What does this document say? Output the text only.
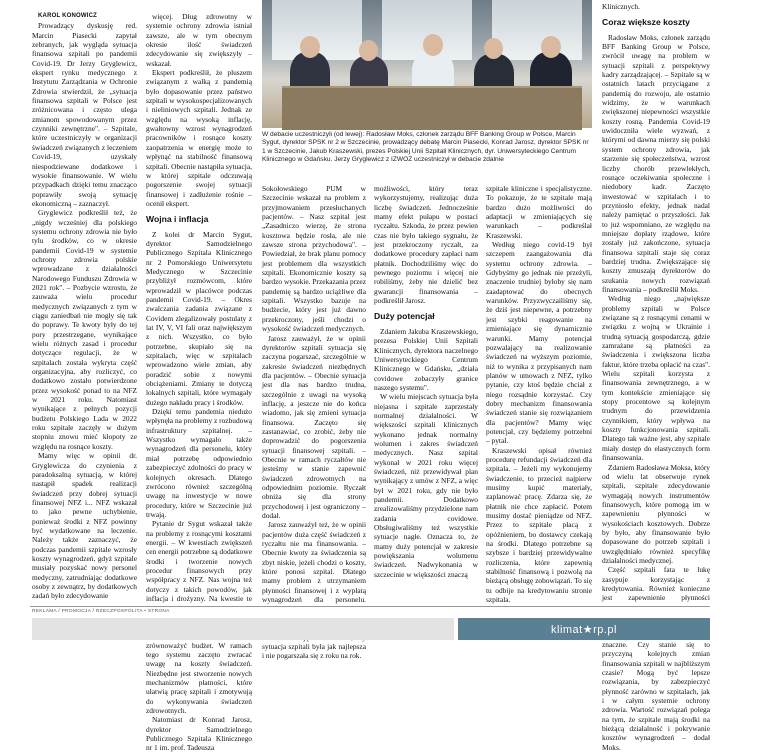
KAROL KONOWICZ

Prowadzący dyskusję red. Marcin Piasecki zapytał zebranych, jak wygląda sytuacja finansowa szpitali po pandemii Covid-19. Dr Jerzy Gryglewicz, ekspert rynku medycznego z Instytutu Zarządzania w Ochronie Zdrowia stwierdził, że „sytuacja finansowa szpitali w Polsce jest zróżnicowana i często ulega zmianom spowodowanym przez czynniki zewnętrzne". – Szpitale, które uczestniczyły w organizacji świadczeń związanych z leczeniem Covid-19, uzyskały niespodziewane dodatkowe i wysokie finansowanie. W wielu przypadkach dzięki temu znacząco poprawiły swoją sytuację ekonomiczną – zaznaczył.

Gryglewicz podkreślił też, że „nigdy wcześniej dla polskiego systemu ochrony zdrowia nie było tylu środków, co w okresie pandemii Covid-19 w systemie ochrony zdrowia polskie wprowadzane z działalności Narodowego Funduszu Zdrowia w 2021 rok". – Pozbycie wzrostu, że zauważa wielu procedur medycznych związanych z tym w ciągu zaniedbań nie mogły się tak do poprawy. Te kwoty były do tej pory przestrzegane, wynikające wielu różnych zasad i procedur dotyczące regulacji, że w szpitalach została wykryta część organizacyjna, aby rozliczyć, co dodatkowo zostało potwierdzone przez wysokość ponad to na NFZ w 2021 roku. Natomiast wynikające z pełnych pozycji budżetu Polskiego Lada w 2022 roku szpitale zaczęły w dużym stopniu znowu mieć kłopoty ze względu na rosnące koszty.

Mamy więc w opinii dr. Gryglewicza do czynienia z paradoksalną sytuacją, w której nastąpił spadek realizacji świadczeń przy dobrej sytuacji finansowej NFZ i... NFZ wskazał to jako pewne uchybienie, ponieważ środki z NFZ powinny być wydatkowane na leczenie. Należy także zaznaczyć, że podczas pandemii szpitale wzrosły koszty wynagrodzeń, gdyż szpitale musiały pozyskać nowy personel medyczny, zatrudniając dodatkowe osoby z zewnątrz, by dodatkowych zadań było zdecydowanie

więcej. Dług zdrowotny w systemie ochrony zdrowia istniał zawsze, ale w tym obecnym okresie ilość świadczeń zdecydowanie się zwiększyły – wskazał.

Ekspert podkreślił, że pluszem związanym z walką z pandemią było dopasowanie przez państwo szpitali w wysokospecjalizowanych i nieliniowych szpitali. Jednak ze względu na wysoką inflację, gwałtowny wzrost wynagrodzeń pracowników i rosnące koszty zaopatrzenia w energię może to wpłynąć na stabilność finansową szpitali. Obecnie nastąpiła sytuacja, w której szpitale odczuwają pogorszenie swojej sytuacji finansowej i zadłużenie rośnie – ocenił ekspert.

Wojna i inflacja

Z kolei dr Marcin Sygut, dyrektor Samodzielnego Publicznego Szpitala Klinicznego nr 2 Pomorskiego Uniwersytetu Medycznego w Szczecinie przybliżył rozmówcom, które wprowadził w placówce podczas pandemii Covid-19. – Okres zwalczania zadania związane z Covidem zlegalizowały postulaty z lat IV, V, VI fali oraz największym z nich. Wszystko, co było potrzebne, skupiało się na szpitalach, więc w szpitalach wprowadzono wiele zmian, aby poradzić sobie z nowymi obciążeniami. Zmiany te dotyczą lokalnych szpitali, które wymagały dużego nakładu pracy i środków.

Dzięki temu pandemia niedużo wpłynęła na problemy z rozbudową infrastruktury szpitalnej. – Wszystko wymagało także wynagrodzeń dla personelu, który miał potrzebę odpowiednio zabezpieczyć zdolności do pracy w kolejnych okresach. Dlatego zwrócono również szczególną uwagę na inwestycje w nowe procedury, które w Szczecinie już trwają.

Pytanie dr Sygut wskazał także na problemy z rosnącymi kosztami energii. – W kwestiach zwiększeń cen energii potrzebne są dodatkowe środki i tworzenie nowych procedur finansowych przy współpracy z NFZ. Nas wojna też dotyczy z takich powodów, jak inflacja i drożyzny. Na kwestie te zrównoważyć budżet. W ramach tego systemu zaczęto zwracać uwagę na koszty świadczeń. Niezbędne jest stworzenie nowych mechanizmów płatności, które ułatwią pracę szpitali i zmotywują do wykonywania świadczeń zdrowotnych.

Natomiast dr Konrad Jarosz, dyrektor Samodzielnego Publicznego Szpitala Klinicznego nr 1 im. prof. Tadeusza

W debacie uczestniczyli (od lewej): Radosław Moks, członek zarządu BFF Banking Group w Polsce, Marcin Sygut, dyrektor SPSK nr 2 w Szczecinie, prowadzący debatę Marcin Piasecki, Konrad Jarosz, dyrektor SPSK nr 1 w Szczecinie, Jakub Kraszewski, prezes Polskiej Unii Szpitali Klinicznych, dyr. Uniwersyteckiego Centrum Klinicznego w Gdańsku. Jerzy Gryglewicz z IZWOZ uczestniczył w debacie zdalnie

Sokołowskiego PUM w Szczecinie wskazał na problem z przyjmowaniem przesłuchanych pacjentów. – Nasz szpital jest „Zasadniczo wierzę, że strona kosztowa będzie rosła, ale nie zawsze strona przychodowa". – Powiedział, że brak planu pomocy jest problemem dla wszystkich szpitali. Ekonomicznie koszty są bardzo wysokie. Przekazania przez pandemię są bardzo uciążliwe dla szpitali. Wszystko bazuje na budżecie, który jest już dawno przekroczony, jeśli chodzi o wysokość świadczeń medycznych.

Jarosz zauważył, że w opinii dyrektorów szpitali sytuacja się zaczyna pogarszać, szczególnie w zakresie świadczeń niezbędnych dla pacjentów. – Obecnie sytuacja jest dla nas bardzo trudna, szczególnie z uwagi na wysoką inflację, a jeszcze nie do końca wiadomo, jak się zmieni sytuacja finansowa. Zaczęto się zastanawiać, co zrobić, żeby nie doprowadzić do pogorszenia sytuacji finansowej szpitali. – Obecnie w ramach ryczałtów nie jesteśmy w stanie zapewnić świadczeń zdrowotnych na odpowiednim poziomie. Ryczałt obniża się dla strony przychodowej i jest ograniczony – dodał.

Jarosz zauważył też, że w opinii pacjentów duża część świadczeń z ryczałtu nie ma finansowania. – Obecnie kwoty za świadczenia są zbyt niskie, jeżeli chodzi o koszty, które ponosi szpital. Dlatego mamy problem z utrzymaniem płynności finansowej i z wypłatą wynagrodzeń dla personelu. sytuacja szpitali była jak najlepsza i nie pogarszała się z roku na rok.

możliwości, który teraz wykorzystujemy, realizując duża liczbę świadczeń. Jednocześnie mamy efekt pułapu w postaci ryczałtu. Szkoda, że przez pewien czas nie było takiego sygnału, że jest przekroczony ryczałt, za dodatkowe procedury zapłaci nam płatnik. Dochodziliśmy więc do pewnego poziomu i więcej nie robiliśmy, żeby nie dzielić bez gwarancji finansowania – podkreślił Jarosz.

Duży potencjał

Zdaniem Jakuba Kraszewskiego, prezesa Polskiej Unii Szpitali Klinicznych, dyrektora naczelnego Uniwersyteckiego Centrum Klinicznego w Gdańsku, „działa covidowe zobaczyły granice naszego systemu".

W wielu miejscach sytuacja była niejasna i szpitale zaprzestały normalnej działalności. W większości szpitali klinicznych wykonano jednak normalny wolumen i zakres świadczeń medycznych. Nasz szpital wykonał w 2021 roku więcej świadczeń, niż przewidywał plan wynikający z umów z NFZ, a więc był w 2021 roku, gdy nie było pandemii. Dodatkowo zrealizowaliśmy przydzielone nam zadania covidowe. Obsługiwaliśmy też wszystkie sytuacje nagłe. Oznacza to, że mamy duży potencjał w zakresie powiększania wolumenu świadczeń. Nadwykonania w szczecinie w większości znaczą

szpitale kliniczne i specjalistyczne. To pokazuje, że te szpitale mają bardzo dużo możliwości do adaptacji w zmieniających się warunkach – podkreślał Kraszewski.

Według niego covid-19 był szczepem zaangażowania dla systemu ochrony zdrowia. – Gdybyśmy go jednak nie przeżyli, znaczenie trudniej byłoby się nam zaadaptować do obecnych warunków. Przyzwyczailiśmy się, że dziś jest niepewne, a potrzebny jest szybki reagowanie na zmieniające się dynamicznie warunki. Mamy potencjał pozwalający na realizowanie świadczeń na wyższym poziomie, niż to wynika z przypisanych nam planów w umowach z NFZ, tylko pytanie, czy ktoś będzie chciał z niego rozsądnie korzystać. Czy dobry mechanizm finansowania świadczeń stanie się rozwiązaniem dla pacjentów? Mamy więc potencjał, czy będziemy potrzebni – pytał.

Kraszewski opisał również procedurę refundacji świadczeń dla szpitala. – Jeżeli my wykonujemy świadczenie, to przecież najpierw musimy kupić materiały, zaplanować pracę. Zdarza się, że płatnik nie chce zapłacić. Potem musimy dostać pieniądze od NFZ. Przez to szpitale płacą z opóźnieniem, bo dostawcy czekają na środki. Dlatego potrzebne są szybsze i bardziej przewidywalne rozliczenia, które zapewnią stabilność finansową i pozwolą na bieżącą obsługę zobowiązań. To się tu odbije na kredytowaniu stronie szpitala.

Klinicznych.

Coraz większe koszty

Radosław Moks, członek zarządu BFF Banking Group w Polsce, zwrócił uwagę na problem w sytuacji szpitali z perspektywy kadry zarządzającej. – Szpitale są w ostatnich latach przyciągane z pandemią do rozwoju, ale ostatnio widzimy, że w warunkach zwiększonej niepewności wszystkie koszty rosną. Pandemia Covid-19 uwidoczniła wiele wyzwań, z którymi od dawna mierzy się polski system ochrony zdrowia, jak starzenie się społeczeństwa, wzrost liczby chorób przewlekłych, rosnące oczekiwania społeczne i niedobory kadr. Zaczęto inwestować w szpitalach i to przyniosło efekty, jednak nadal należy pamiętać o przyszłości. Jak to już wspomniano, ze względu na mniejsze dopłaty rządowe, które zostały już zakończone, sytuacja finansowa szpitali staje się coraz bardziej trudna. Zwiększające się koszty zmuszają dyrektorów do szukania nowych rozwiązań finansowania – podkreślił Moks.

Według niego „największe problemy szpitali w Polsce związane są z rosnącymi cenami w związku z wojną w Ukrainie i trudną sytuacją gospodarczą, gdzie zamrażane są płatności za świadczenia i zwiększona liczba faktur, które trzeba opłacić na czas". Wielu szpitali korzysta z finansowania zewnętrznego, a w tym kontekście zmieniające się stopy procentowe są kolejnym trudnym do przewidzenia czynnikiem, który wpływa na koszty funkcjonowania szpitali. Dlatego tak ważne jest, aby szpitale miały dostęp do elastycznych form finansowania.

Zdaniem Radosława Moksa, który od wielu lat obserwuje rynek szpitali, szpitale zdecydowanie wymagają nowych instrumentów finansowych, które pomogą im w zapewnieniu płynności w wysokościach kosztowych. Dobrze by było, aby finansowanie było dopasowane do potrzeb szpitali i uwzględniało również specyfikę działalności medycznej.

Część szpitali fata te lukę zasypuje korzystając z kredytowania. Również konieczne jest zapewnienie płynności znaczne. Czy stanie się to przyczyną kolejnych zmian finansowania szpitali w najbliższym czasie? Mogą być lepsze rozwiązania, by zabezpieczyć płynność zarówno w szpitalach, jak i w całym systemie ochrony zdrowia. Wartość rozwiązań polega na tym, że szpitale mają środki na bieżącą działalność i pokrywanie kosztów wynagrodzeń – dodał Moks.

REKLAMA / PROMOCJA / RZECZPOSPOLITA • STRONA
klimat★rp.pl
